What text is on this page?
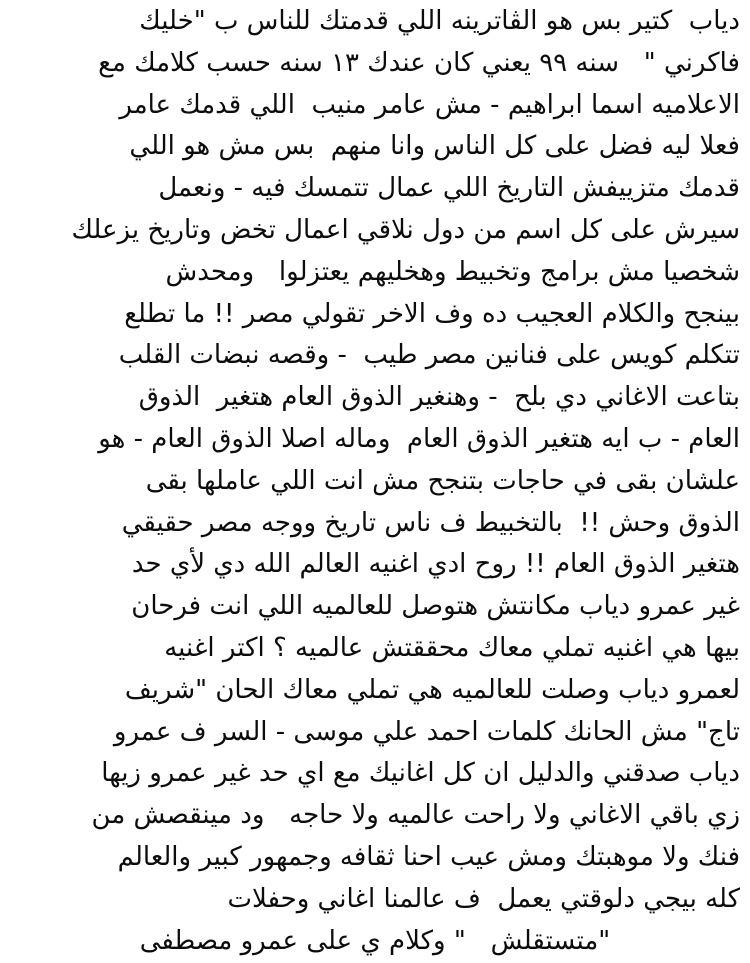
دياب  كتير بس هو الڤاترينه اللي قدمتك للناس ب "خليك
فاكرني "   سنه ٩٩ يعني كان عندك ١٣ سنه حسب كلامك مع
الاعلاميه اسما ابراهيم - مش عامر منيب  اللي قدمك عامر
فعلا ليه فضل على كل الناس وانا منهم  بس مش هو اللي
قدمك متزييفش التاريخ اللي عمال تتمسك فيه - ونعمل
سيرش على كل اسم من دول نلاقي اعمال تخض وتاريخ يزعلك
شخصيا مش برامج وتخبيط وهخليهم يعتزلوا   ومحدش
بينجح والكلام العجيب ده وف الاخر تقولي مصر !! ما تطلع
تتكلم كويس على فنانين مصر طيب  - وقصه نبضات القلب
بتاعت الاغاني دي بلح  - وهنغير الذوق العام هتغير  الذوق
العام - ب ايه هتغير الذوق العام  وماله اصلا الذوق العام - هو
علشان بقى في حاجات بتنجح مش انت اللي عاملها بقى
الذوق وحش !!  بالتخبيط ف ناس تاريخ ووجه مصر حقيقي
هتغير الذوق العام !! روح ادي اغنيه العالم الله دي لأي حد
غير عمرو دياب مكانتش هتوصل للعالميه اللي انت فرحان
بيها هي اغنيه تملي معاك محققتش عالميه ؟ اكتر اغنيه
لعمرو دياب وصلت للعالميه هي تملي معاك الحان "شريف
تاج" مش الحانك كلمات احمد علي موسى - السر ف عمرو
دياب صدقني والدليل ان كل اغانيك مع اي حد غير عمرو زيها
زي باقي الاغاني ولا راحت عالميه ولا حاجه   ود مينقصش من
فنك ولا موهبتك ومش عيب احنا ثقافه وجمهور كبير والعالم
كله بيجي دلوقتي يعمل  ف عالمنا اغاني وحفلات
"متستقلش   " وكلام ي على عمرو مصطفى
